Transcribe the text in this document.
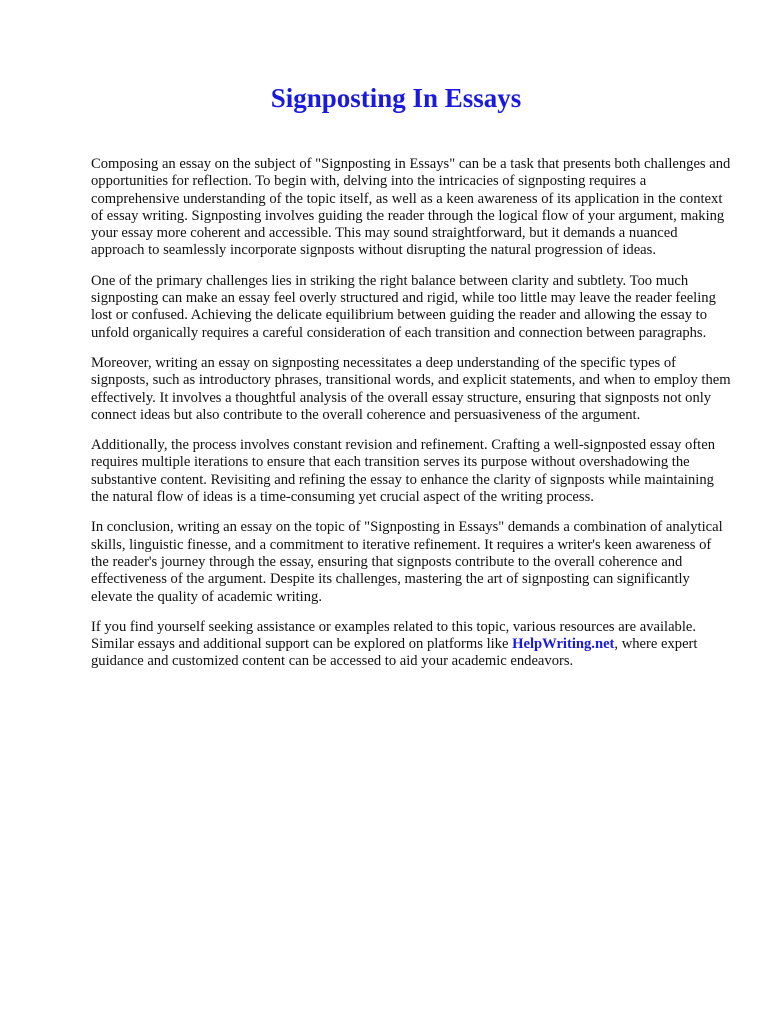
Signposting In Essays

Composing an essay on the subject of "Signposting in Essays" can be a task that presents both challenges and opportunities for reflection. To begin with, delving into the intricacies of signposting requires a comprehensive understanding of the topic itself, as well as a keen awareness of its application in the context of essay writing. Signposting involves guiding the reader through the logical flow of your argument, making your essay more coherent and accessible. This may sound straightforward, but it demands a nuanced approach to seamlessly incorporate signposts without disrupting the natural progression of ideas.

One of the primary challenges lies in striking the right balance between clarity and subtlety. Too much signposting can make an essay feel overly structured and rigid, while too little may leave the reader feeling lost or confused. Achieving the delicate equilibrium between guiding the reader and allowing the essay to unfold organically requires a careful consideration of each transition and connection between paragraphs.

Moreover, writing an essay on signposting necessitates a deep understanding of the specific types of signposts, such as introductory phrases, transitional words, and explicit statements, and when to employ them effectively. It involves a thoughtful analysis of the overall essay structure, ensuring that signposts not only connect ideas but also contribute to the overall coherence and persuasiveness of the argument.

Additionally, the process involves constant revision and refinement. Crafting a well-signposted essay often requires multiple iterations to ensure that each transition serves its purpose without overshadowing the substantive content. Revisiting and refining the essay to enhance the clarity of signposts while maintaining the natural flow of ideas is a time-consuming yet crucial aspect of the writing process.

In conclusion, writing an essay on the topic of "Signposting in Essays" demands a combination of analytical skills, linguistic finesse, and a commitment to iterative refinement. It requires a writer's keen awareness of the reader's journey through the essay, ensuring that signposts contribute to the overall coherence and effectiveness of the argument. Despite its challenges, mastering the art of signposting can significantly elevate the quality of academic writing.

If you find yourself seeking assistance or examples related to this topic, various resources are available. Similar essays and additional support can be explored on platforms like HelpWriting.net, where expert guidance and customized content can be accessed to aid your academic endeavors.
